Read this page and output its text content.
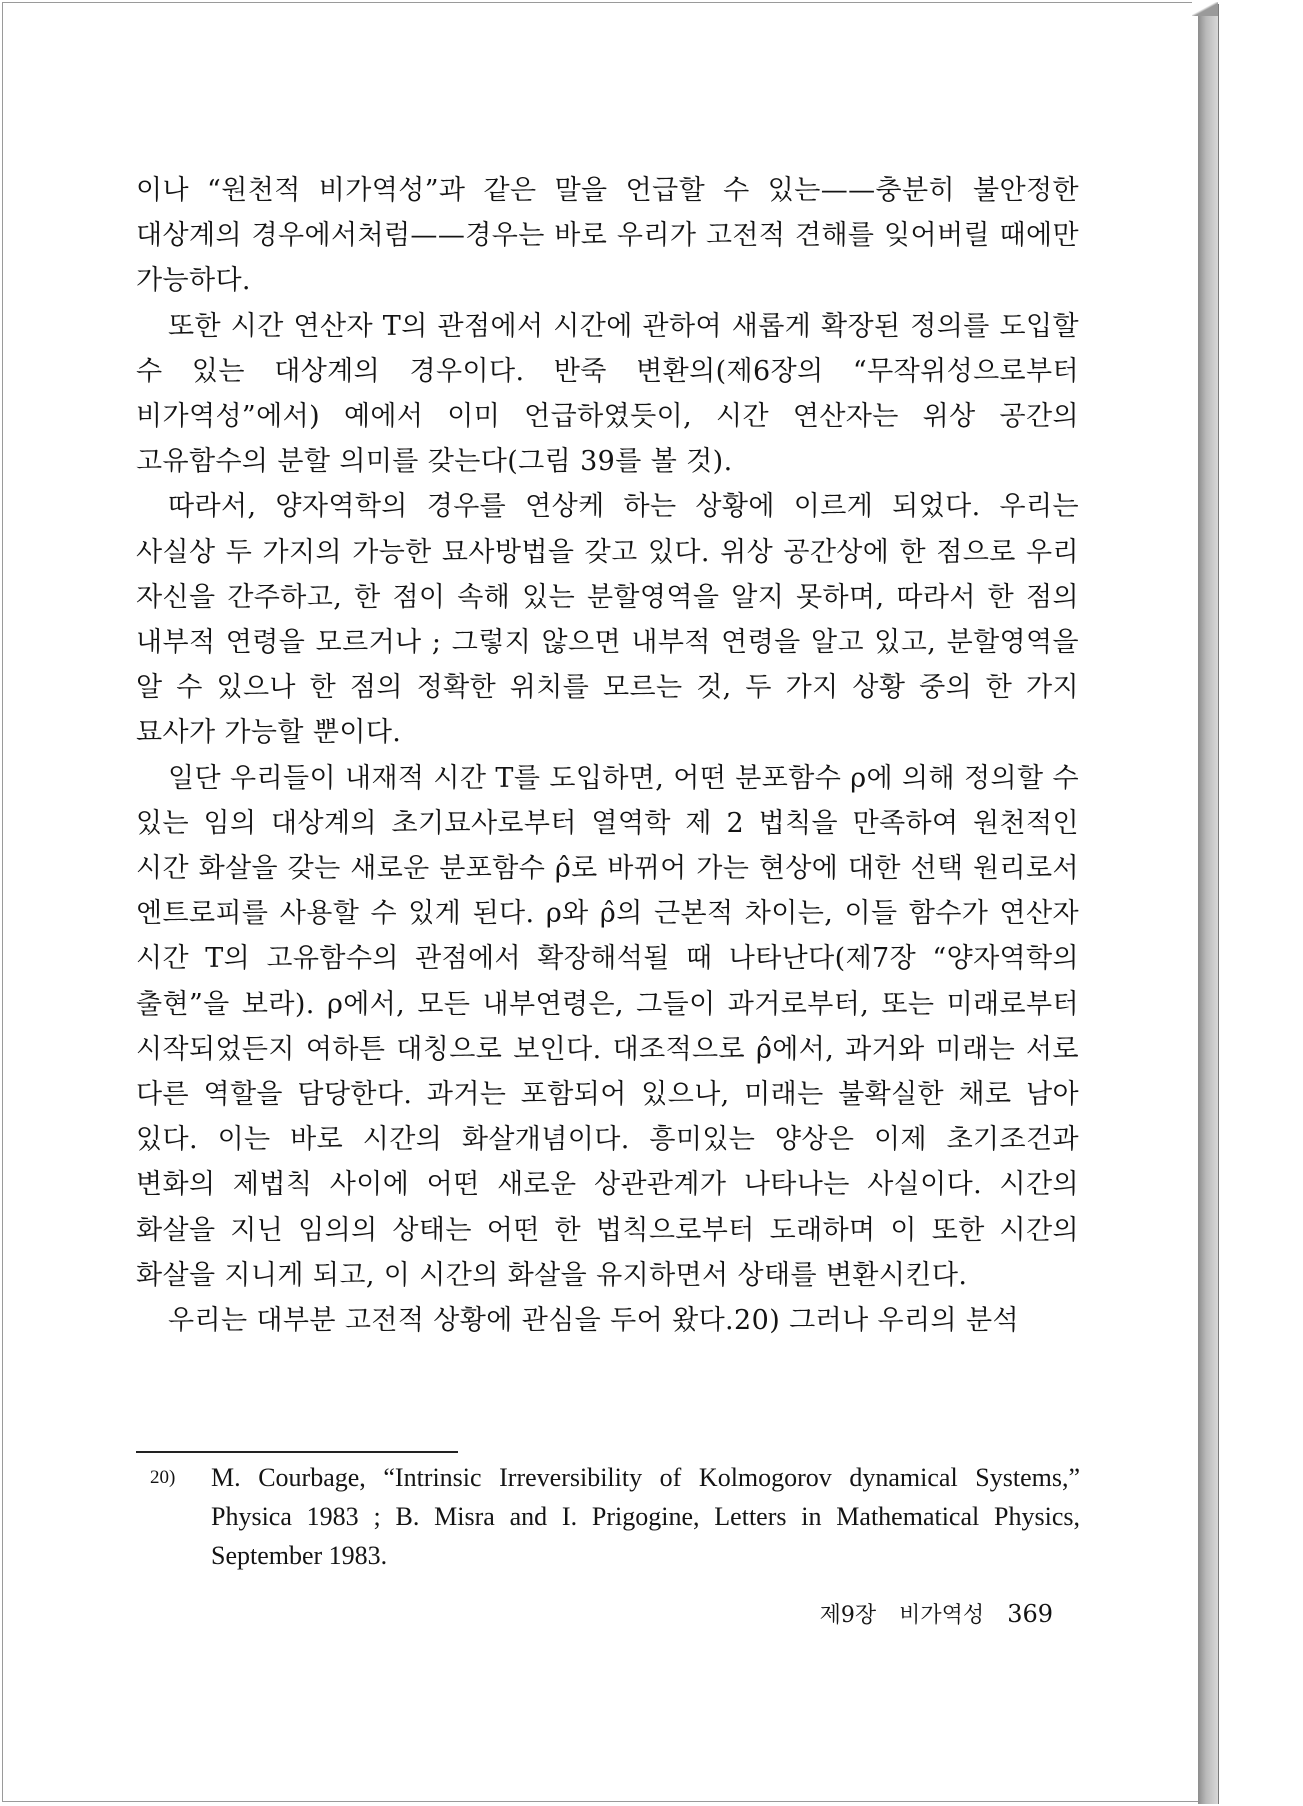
이나 “원천적 비가역성”과 같은 말을 언급할 수 있는——충분히 불안정한 대상계의 경우에서처럼——경우는 바로 우리가 고전적 견해를 잊어버릴 때에만 가능하다.

또한 시간 연산자 T의 관점에서 시간에 관하여 새롭게 확장된 정의를 도입할 수 있는 대상계의 경우이다. 반죽 변환의(제6장의 “무작위성으로부터 비가역성”에서) 예에서 이미 언급하였듯이, 시간 연산자는 위상 공간의 고유함수의 분할 의미를 갖는다(그림 39를 볼 것).

따라서, 양자역학의 경우를 연상케 하는 상황에 이르게 되었다. 우리는 사실상 두 가지의 가능한 묘사방법을 갖고 있다. 위상 공간상에 한 점으로 우리 자신을 간주하고, 한 점이 속해 있는 분할영역을 알지 못하며, 따라서 한 점의 내부적 연령을 모르거나 ; 그렇지 않으면 내부적 연령을 알고 있고, 분할영역을 알 수 있으나 한 점의 정확한 위치를 모르는 것, 두 가지 상황 중의 한 가지 묘사가 가능할 뿐이다.

일단 우리들이 내재적 시간 T를 도입하면, 어떤 분포함수 ρ에 의해 정의할 수 있는 임의 대상계의 초기묘사로부터 열역학 제 2 법칙을 만족하여 원천적인 시간 화살을 갖는 새로운 분포함수 ρ̂로 바뀌어 가는 현상에 대한 선택 원리로서 엔트로피를 사용할 수 있게 된다. ρ와 ρ̂의 근본적 차이는, 이들 함수가 연산자 시간 T의 고유함수의 관점에서 확장해석될 때 나타난다(제7장 “양자역학의 출현”을 보라). ρ에서, 모든 내부연령은, 그들이 과거로부터, 또는 미래로부터 시작되었든지 여하튼 대칭으로 보인다. 대조적으로 ρ̂에서, 과거와 미래는 서로 다른 역할을 담당한다. 과거는 포함되어 있으나, 미래는 불확실한 채로 남아 있다. 이는 바로 시간의 화살개념이다. 흥미있는 양상은 이제 초기조건과 변화의 제법칙 사이에 어떤 새로운 상관관계가 나타나는 사실이다. 시간의 화살을 지닌 임의의 상태는 어떤 한 법칙으로부터 도래하며 이 또한 시간의 화살을 지니게 되고, 이 시간의 화살을 유지하면서 상태를 변환시킨다.

우리는 대부분 고전적 상황에 관심을 두어 왔다.20) 그러나 우리의 분석

20) M. Courbage, “Intrinsic Irreversibility of Kolmogorov dynamical Systems,” Physica 1983 ; B. Misra and I. Prigogine, Letters in Mathematical Physics, September 1983.
제9장 비가역성 369
